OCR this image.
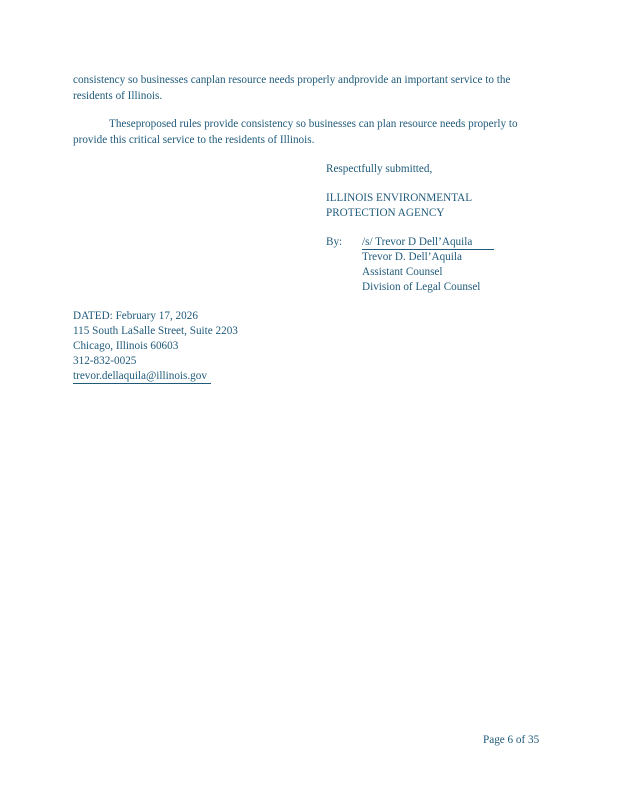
consistency so businesses canplan resource needs properly andprovide an important service to the residents of Illinois.

Theseproposed rules provide consistency so businesses can plan resource needs properly to provide this critical service to the residents of Illinois.

Respectfully submitted,
ILLINOIS ENVIRONMENTAL
PROTECTION AGENCY
By:	/s/ Trevor D Dell’Aquila
Trevor D. Dell’Aquila
Assistant Counsel
Division of Legal Counsel
DATED: February 17, 2026
115 South LaSalle Street, Suite 2203
Chicago, Illinois 60603
312-832-0025
trevor.dellaquila@illinois.gov
Page 6 of 35
